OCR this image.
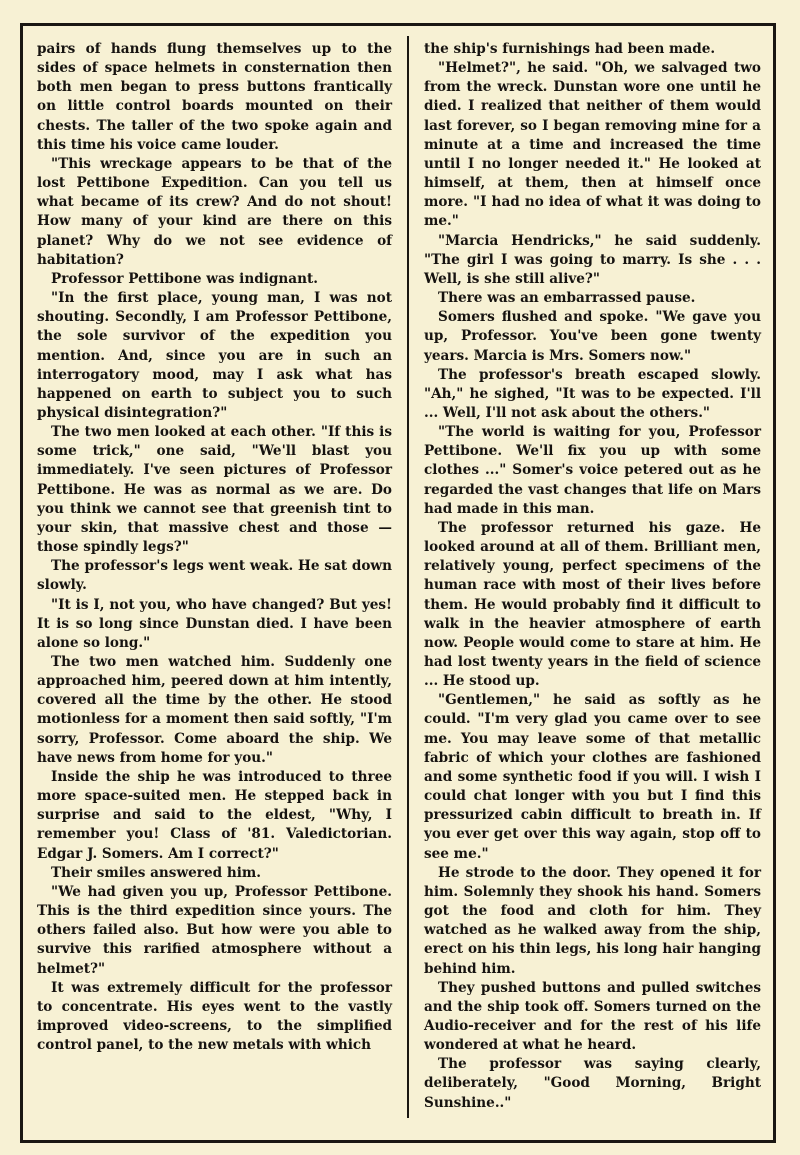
pairs of hands flung themselves up to the sides of space helmets in consternation then both men began to press buttons frantically on little control boards mounted on their chests. The taller of the two spoke again and this time his voice came louder.

"This wreckage appears to be that of the lost Pettibone Expedition. Can you tell us what became of its crew? And do not shout! How many of your kind are there on this planet? Why do we not see evidence of habitation?

Professor Pettibone was indignant.

"In the first place, young man, I was not shouting. Secondly, I am Professor Pettibone, the sole survivor of the expedition you mention. And, since you are in such an interrogatory mood, may I ask what has happened on earth to subject you to such physical disintegration?"

The two men looked at each other. "If this is some trick," one said, "We'll blast you immediately. I've seen pictures of Professor Pettibone. He was as normal as we are. Do you think we cannot see that greenish tint to your skin, that massive chest and those — those spindly legs?"

The professor's legs went weak. He sat down slowly.

"It is I, not you, who have changed? But yes! It is so long since Dunstan died. I have been alone so long."

The two men watched him. Suddenly one approached him, peered down at him intently, covered all the time by the other. He stood motionless for a moment then said softly, "I'm sorry, Professor. Come aboard the ship. We have news from home for you."

Inside the ship he was introduced to three more space-suited men. He stepped back in surprise and said to the eldest, "Why, I remember you! Class of '81. Valedictorian. Edgar J. Somers. Am I correct?"

Their smiles answered him.

"We had given you up, Professor Pettibone. This is the third expedition since yours. The others failed also. But how were you able to survive this rarified atmosphere without a helmet?"

It was extremely difficult for the professor to concentrate. His eyes went to the vastly improved video-screens, to the simplified control panel, to the new metals with which

the ship's furnishings had been made.

"Helmet?", he said. "Oh, we salvaged two from the wreck. Dunstan wore one until he died. I realized that neither of them would last forever, so I began removing mine for a minute at a time and increased the time until I no longer needed it." He looked at himself, at them, then at himself once more. "I had no idea of what it was doing to me."

"Marcia Hendricks," he said suddenly. "The girl I was going to marry. Is she . . . Well, is she still alive?"

There was an embarrassed pause.

Somers flushed and spoke. "We gave you up, Professor. You've been gone twenty years. Marcia is Mrs. Somers now."

The professor's breath escaped slowly. "Ah," he sighed, "It was to be expected. I'll ... Well, I'll not ask about the others."

"The world is waiting for you, Professor Pettibone. We'll fix you up with some clothes ..." Somer's voice petered out as he regarded the vast changes that life on Mars had made in this man.

The professor returned his gaze. He looked around at all of them. Brilliant men, relatively young, perfect specimens of the human race with most of their lives before them. He would probably find it difficult to walk in the heavier atmosphere of earth now. People would come to stare at him. He had lost twenty years in the field of science ... He stood up.

"Gentlemen," he said as softly as he could. "I'm very glad you came over to see me. You may leave some of that metallic fabric of which your clothes are fashioned and some synthetic food if you will. I wish I could chat longer with you but I find this pressurized cabin difficult to breath in. If you ever get over this way again, stop off to see me."

He strode to the door. They opened it for him. Solemnly they shook his hand. Somers got the food and cloth for him. They watched as he walked away from the ship, erect on his thin legs, his long hair hanging behind him.

They pushed buttons and pulled switches and the ship took off. Somers turned on the Audio-receiver and for the rest of his life wondered at what he heard.

The professor was saying clearly, deliberately, "Good Morning, Bright Sunshine.."
